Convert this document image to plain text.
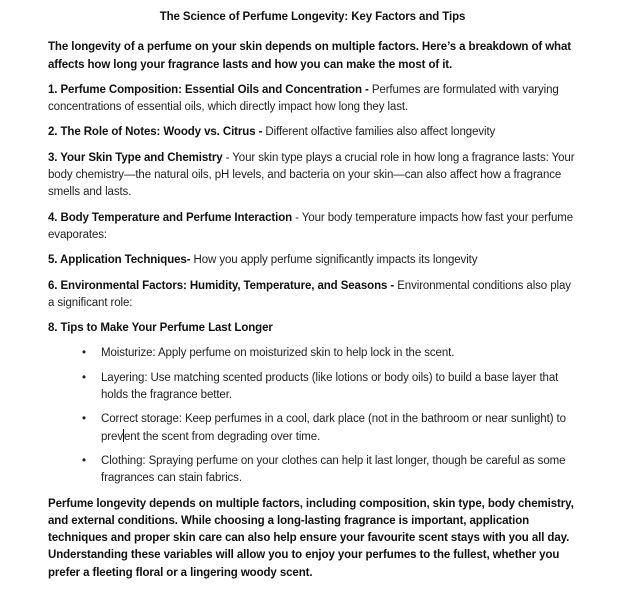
The Science of Perfume Longevity: Key Factors and Tips

The longevity of a perfume on your skin depends on multiple factors. Here’s a breakdown of what affects how long your fragrance lasts and how you can make the most of it.

1. Perfume Composition: Essential Oils and Concentration - Perfumes are formulated with varying concentrations of essential oils, which directly impact how long they last.

2. The Role of Notes: Woody vs. Citrus - Different olfactive families also affect longevity

3. Your Skin Type and Chemistry - Your skin type plays a crucial role in how long a fragrance lasts: Your body chemistry—the natural oils, pH levels, and bacteria on your skin—can also affect how a fragrance smells and lasts.

4. Body Temperature and Perfume Interaction - Your body temperature impacts how fast your perfume evaporates:

5. Application Techniques- How you apply perfume significantly impacts its longevity

6. Environmental Factors: Humidity, Temperature, and Seasons - Environmental conditions also play a significant role:

8. Tips to Make Your Perfume Last Longer

•	Moisturize: Apply perfume on moisturized skin to help lock in the scent.
•	Layering: Use matching scented products (like lotions or body oils) to build a base layer that holds the fragrance better.
•	Correct storage: Keep perfumes in a cool, dark place (not in the bathroom or near sunlight) to prevent the scent from degrading over time.
•	Clothing: Spraying perfume on your clothes can help it last longer, though be careful as some fragrances can stain fabrics.

Perfume longevity depends on multiple factors, including composition, skin type, body chemistry, and external conditions. While choosing a long-lasting fragrance is important, application techniques and proper skin care can also help ensure your favourite scent stays with you all day. Understanding these variables will allow you to enjoy your perfumes to the fullest, whether you prefer a fleeting floral or a lingering woody scent.
